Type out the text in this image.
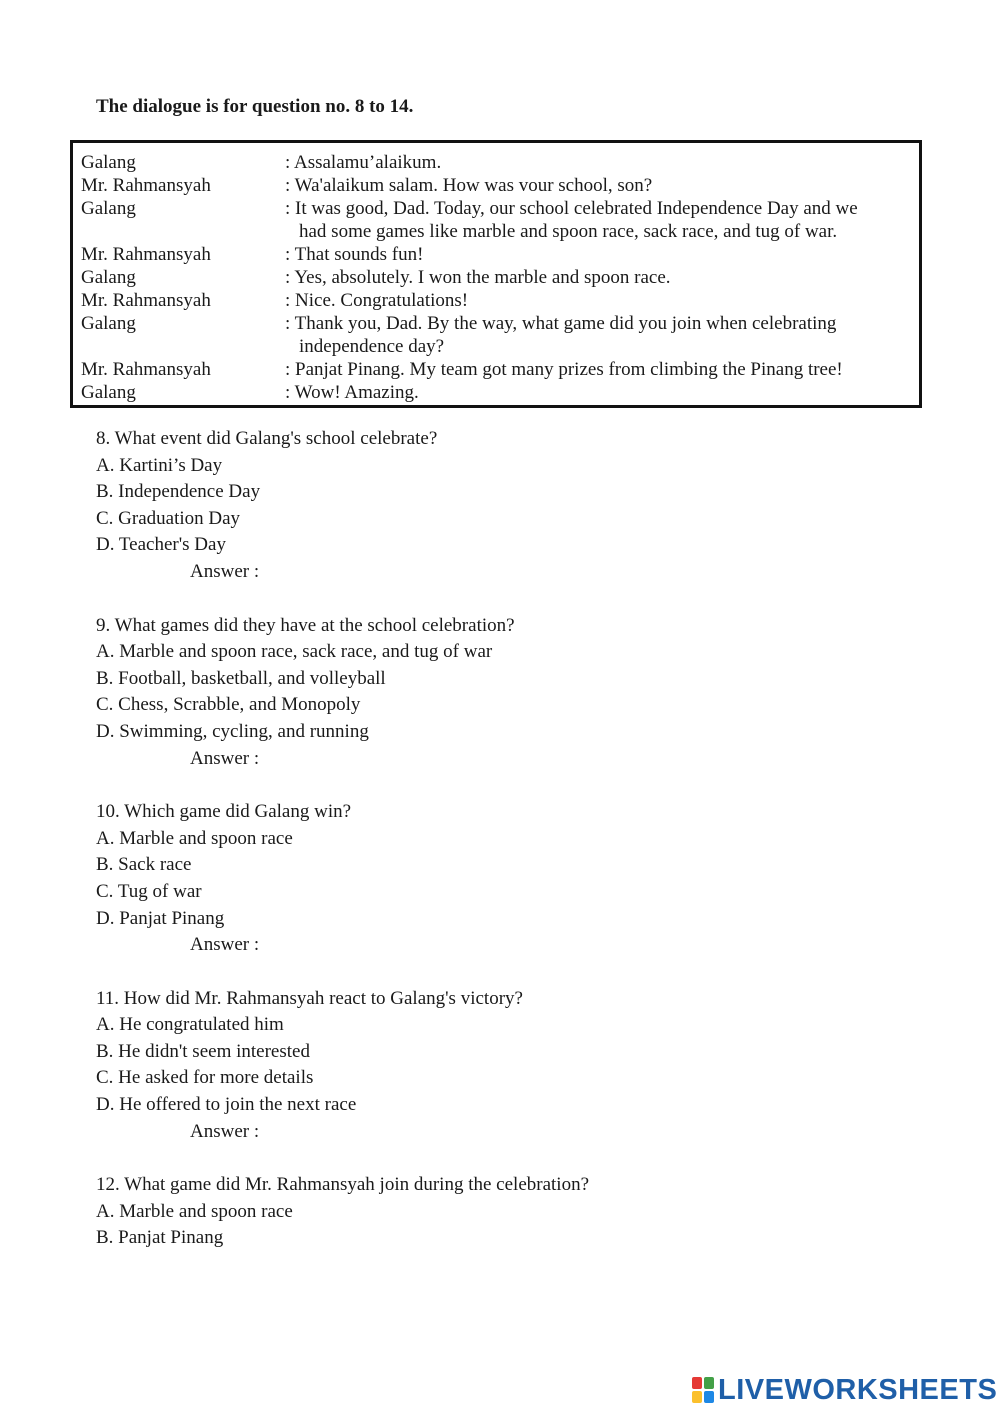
The dialogue is for question no. 8 to 14.
Galang	: Assalamu’alaikum.
Mr. Rahmansyah	: Wa'alaikum salam. How was vour school, son?
Galang	: It was good, Dad. Today, our school celebrated Independence Day and we
had some games like marble and spoon race, sack race, and tug of war.
Mr. Rahmansyah	: That sounds fun!
Galang	: Yes, absolutely. I won the marble and spoon race.
Mr. Rahmansyah	: Nice. Congratulations!
Galang	: Thank you, Dad. By the way, what game did you join when celebrating
independence day?
Mr. Rahmansyah	: Panjat Pinang. My team got many prizes from climbing the Pinang tree!
Galang	: Wow! Amazing.
8. What event did Galang's school celebrate?
A. Kartini’s Day
B. Independence Day
C. Graduation Day
D. Teacher's Day
Answer :
9. What games did they have at the school celebration?
A. Marble and spoon race, sack race, and tug of war
B. Football, basketball, and volleyball
C. Chess, Scrabble, and Monopoly
D. Swimming, cycling, and running
Answer :
10. Which game did Galang win?
A. Marble and spoon race
B. Sack race
C. Tug of war
D. Panjat Pinang
Answer :
11. How did Mr. Rahmansyah react to Galang's victory?
A. He congratulated him
B. He didn't seem interested
C. He asked for more details
D. He offered to join the next race
Answer :
12. What game did Mr. Rahmansyah join during the celebration?
A. Marble and spoon race
B. Panjat Pinang
LIVEWORKSHEETS
